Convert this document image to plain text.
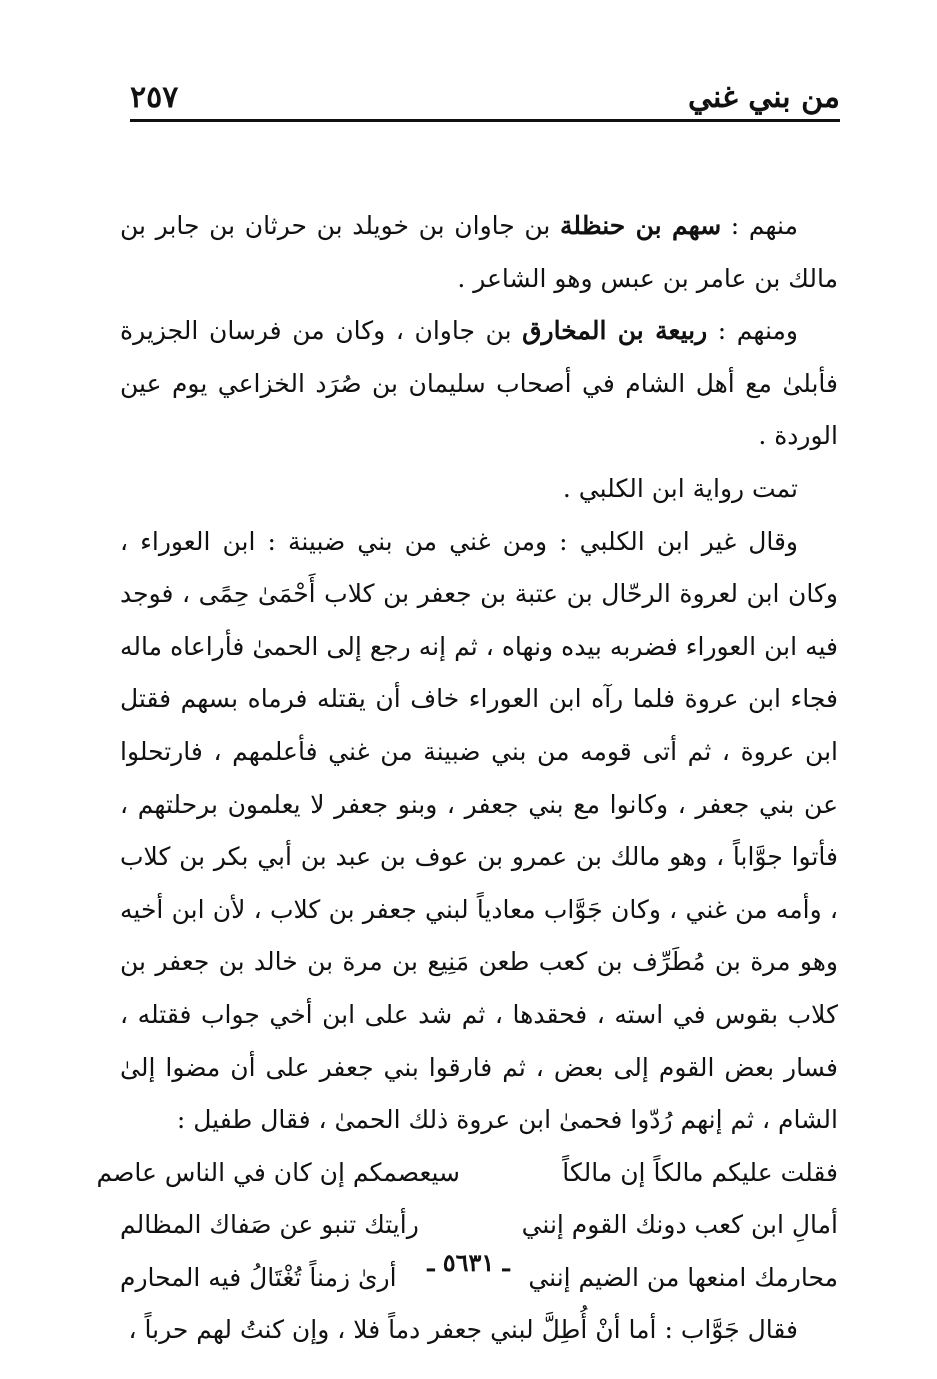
من بني غني
٢٥٧

منهم : سهم بن حنظلة بن جاوان بن خويلد بن حرثان بن جابر بن مالك بن عامر بن عبس وهو الشاعر .

ومنهم : ربيعة بن المخارق بن جاوان ، وكان من فرسان الجزيرة فأبلىٰ مع أهل الشام في أصحاب سليمان بن صُرَد الخزاعي يوم عين الوردة .

تمت رواية ابن الكلبي .

وقال غير ابن الكلبي : ومن غني من بني ضبينة : ابن العوراء ، وكان ابن لعروة الرحّال بن عتبة بن جعفر بن كلاب أَحْمَىٰ حِمًى ، فوجد فيه ابن العوراء فضربه بيده ونهاه ، ثم إنه رجع إلى الحمىٰ فأراعاه ماله فجاء ابن عروة فلما رآه ابن العوراء خاف أن يقتله فرماه بسهم فقتل ابن عروة ، ثم أتى قومه من بني ضبينة من غني فأعلمهم ، فارتحلوا عن بني جعفر ، وكانوا مع بني جعفر ، وبنو جعفر لا يعلمون برحلتهم ، فأتوا جوَّاباً ، وهو مالك بن عمرو بن عوف بن عبد بن أبي بكر بن كلاب ، وأمه من غني ، وكان جَوَّاب معادياً لبني جعفر بن كلاب ، لأن ابن أخيه وهو مرة بن مُطَرِّف بن كعب طعن مَنِيع بن مرة بن خالد بن جعفر بن كلاب بقوس في استه ، فحقدها ، ثم شد على ابن أخي جواب فقتله ، فسار بعض القوم إلى بعض ، ثم فارقوا بني جعفر على أن مضوا إلىٰ الشام ، ثم إنهم رُدّوا فحمىٰ ابن عروة ذلك الحمىٰ ، فقال طفيل :

فقلت عليكم مالكاً إن مالكاً
سيعصمكم إن كان في الناس عاصم
أمالِ ابن كعب دونك القوم إنني
رأيتك تنبو عن صَفاك المظالم
محارمك امنعها من الضيم إنني
أرىٰ زمناً تُغْتَالُ فيه المحارم

فقال جَوَّاب : أما أنْ أُطِلَّ لبني جعفر دماً فلا ، وإن كنتُ لهم حرباً ،

ـ ٥٦٣١ ـ
